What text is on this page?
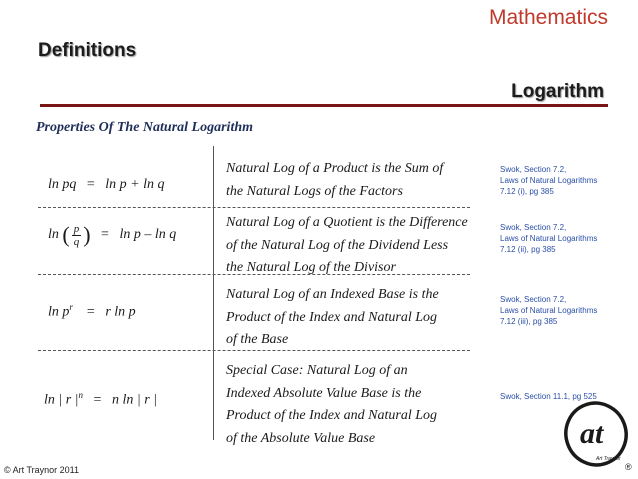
Mathematics
Definitions
Logarithm
Properties Of The Natural Logarithm
ln pq = ln p + ln q
Natural Log of a Product is the Sum of
the Natural Logs of the Factors
Swok, Section 7.2,
Laws of Natural Logarithms
7.12 (i), pg 385
ln ( $\frac{p}{q}$ ) = ln p – ln q
Natural Log of a Quotient is the Difference
of the Natural Log of the Dividend Less
the Natural Log of the Divisor
Swok, Section 7.2,
Laws of Natural Logarithms
7.12 (ii), pg 385
$\ln p^r = r$ ln p
Natural Log of an Indexed Base is the
Product of the Index and Natural Log
of the Base
Swok, Section 7.2,
Laws of Natural Logarithms
7.12 (iii), pg 385
ln | r $|^n = n$ ln | r |
Special Case: Natural Log of an
Indexed Absolute Value Base is the
Product of the Index and Natural Log
of the Absolute Value Base
Swok, Section 11.1, pg 525
© Art Traynor 2011
at
Art Traynor
®
